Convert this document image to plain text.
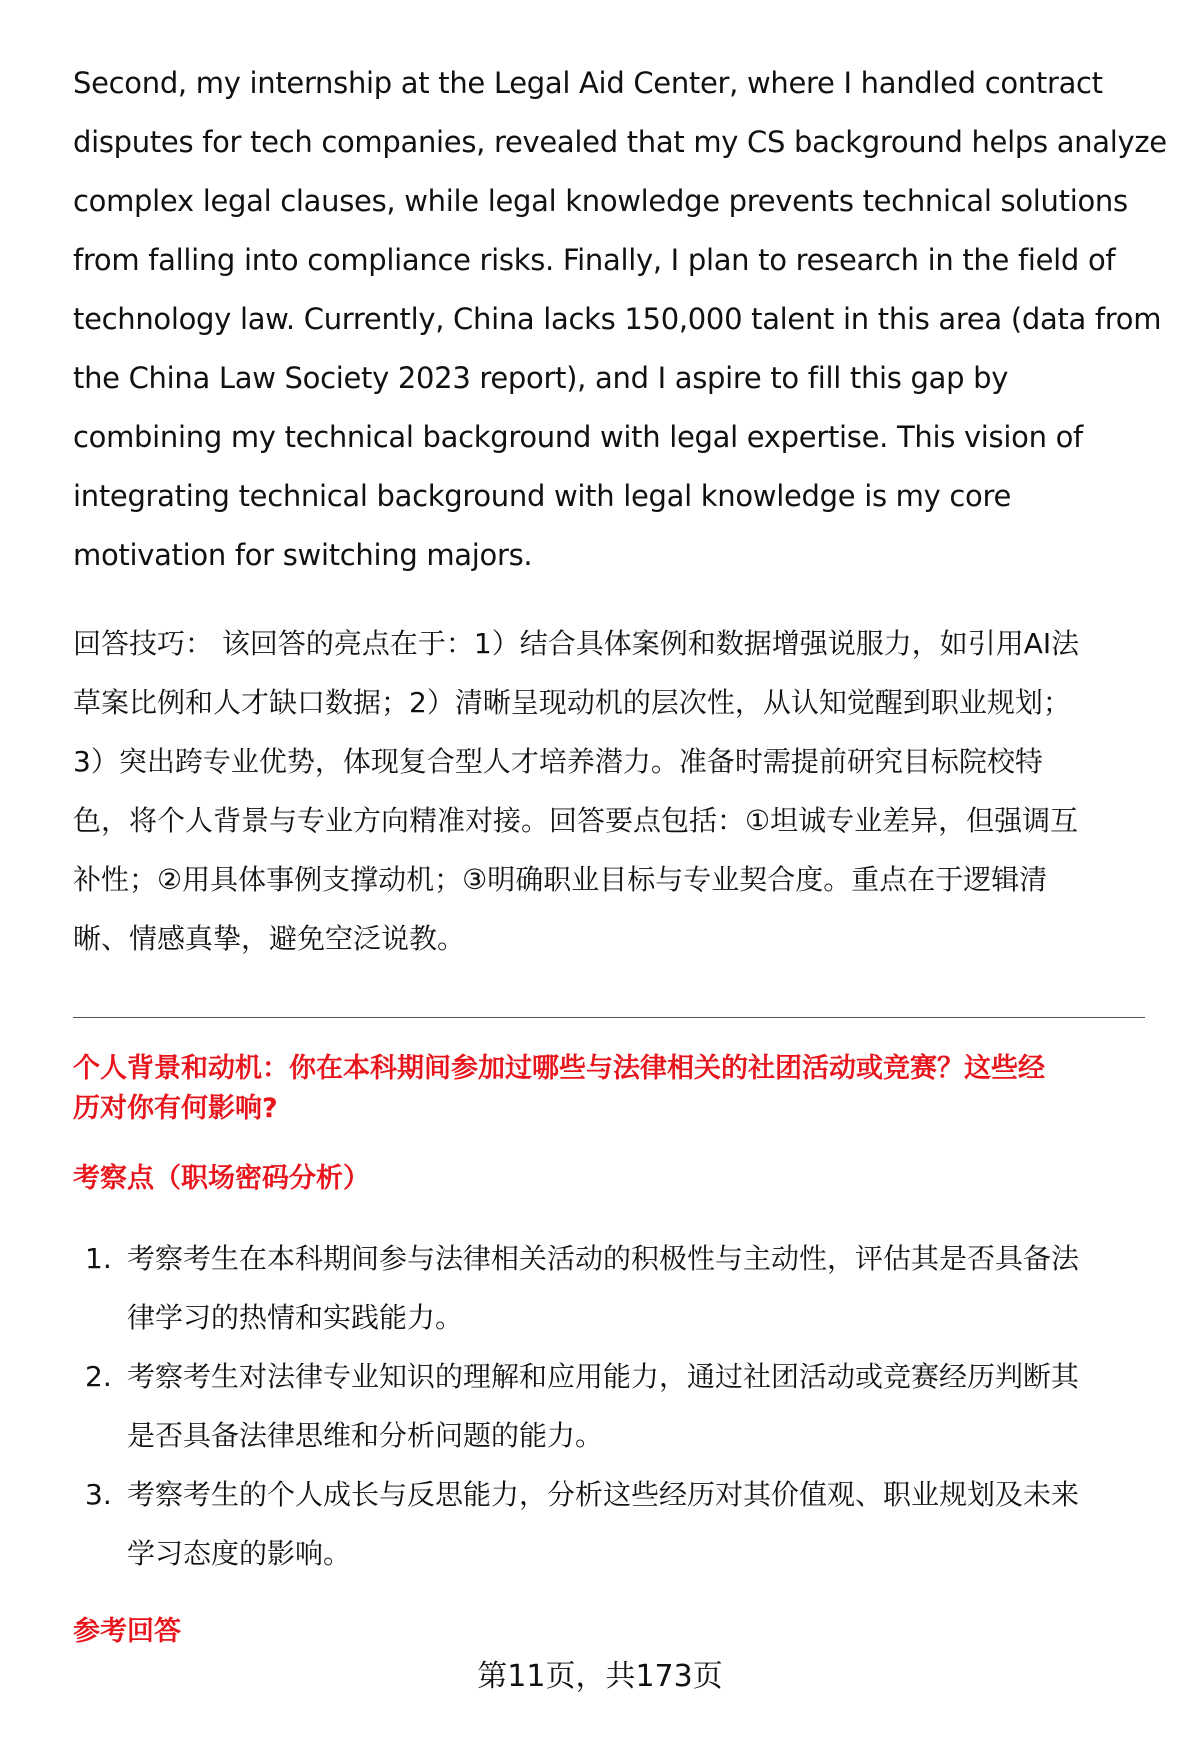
Second, my internship at the Legal Aid Center, where I handled contract
disputes for tech companies, revealed that my CS background helps analyze
complex legal clauses, while legal knowledge prevents technical solutions
from falling into compliance risks. Finally, I plan to research in the field of
technology law. Currently, China lacks 150,000 talent in this area (data from
the China Law Society 2023 report), and I aspire to fill this gap by
combining my technical background with legal expertise. This vision of
integrating technical background with legal knowledge is my core
motivation for switching majors.
回答技巧： 该回答的亮点在于：1）结合具体案例和数据增强说服力，如引用AI法
草案比例和人才缺口数据；2）清晰呈现动机的层次性，从认知觉醒到职业规划；
3）突出跨专业优势，体现复合型人才培养潜力。准备时需提前研究目标院校特
色，将个人背景与专业方向精准对接。回答要点包括：①坦诚专业差异，但强调互
补性；②用具体事例支撑动机；③明确职业目标与专业契合度。重点在于逻辑清
晰、情感真挚，避免空泛说教。
个人背景和动机：你在本科期间参加过哪些与法律相关的社团活动或竞赛？这些经
历对你有何影响?
考察点（职场密码分析）
1. 考察考生在本科期间参与法律相关活动的积极性与主动性，评估其是否具备法
律学习的热情和实践能力。
2. 考察考生对法律专业知识的理解和应用能力，通过社团活动或竞赛经历判断其
是否具备法律思维和分析问题的能力。
3. 考察考生的个人成长与反思能力，分析这些经历对其价值观、职业规划及未来
学习态度的影响。
参考回答
第11页，共173页
